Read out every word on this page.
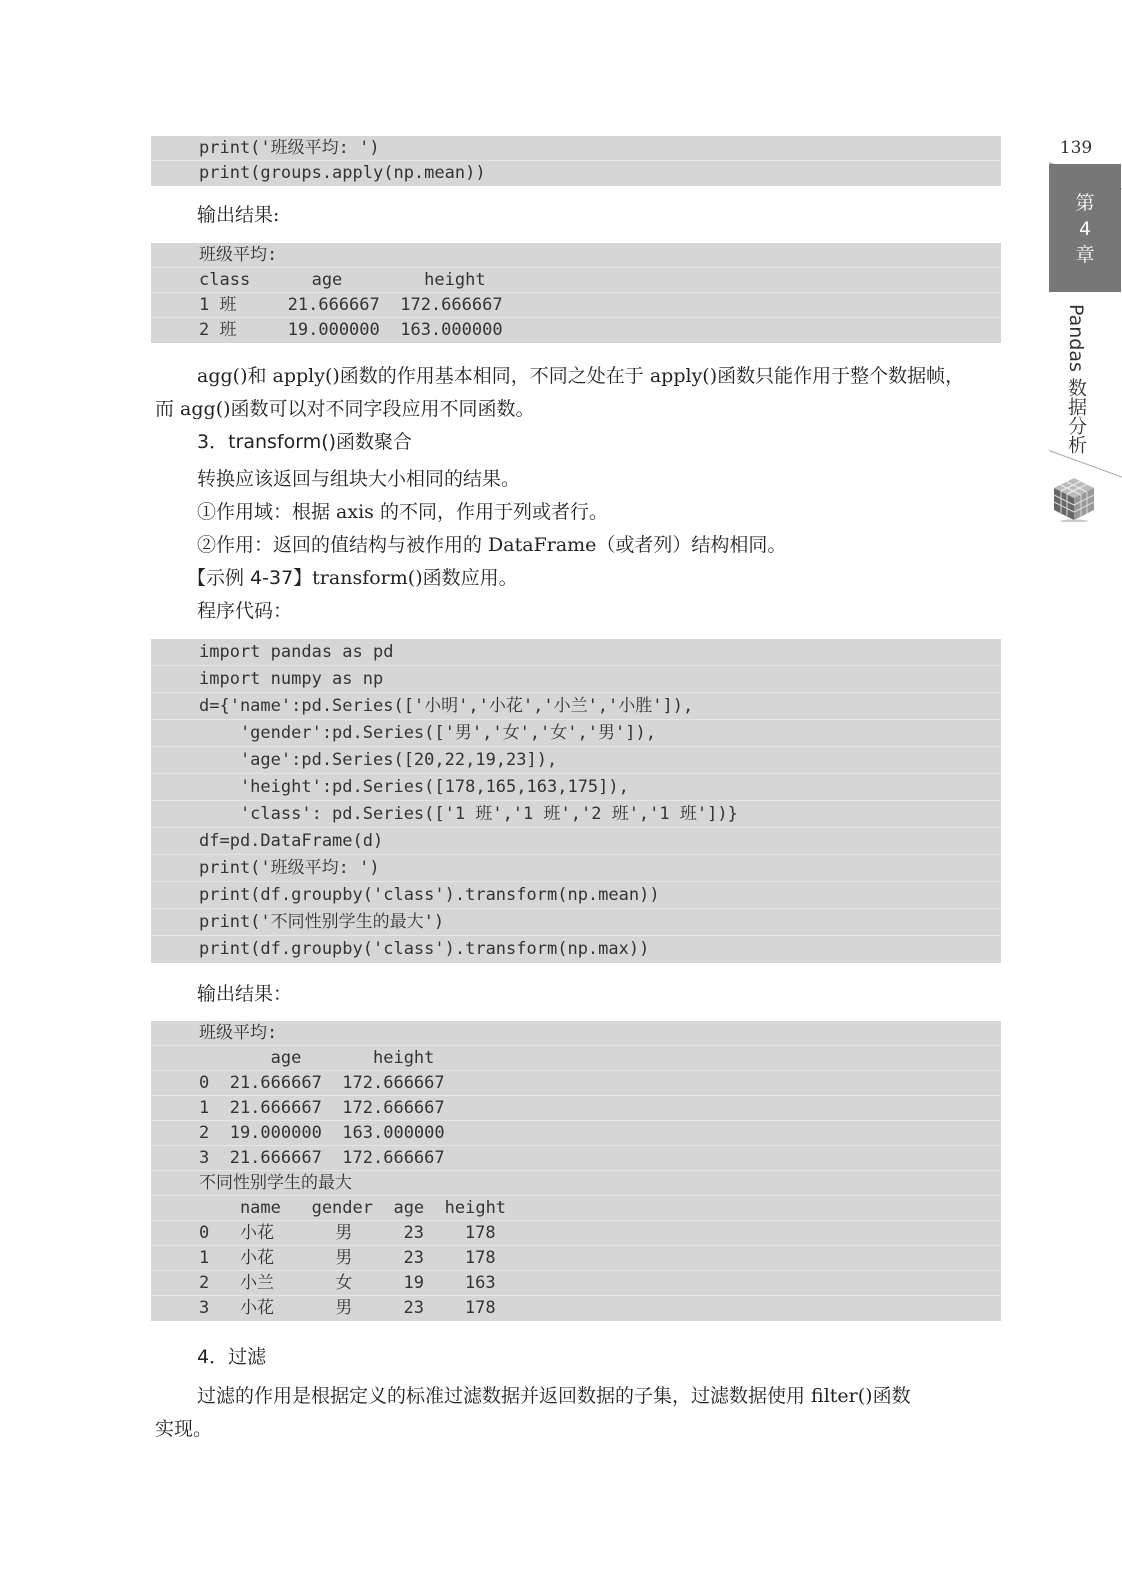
139
第
4
章
Pandas 数据分析
print('班级平均: ')
print(groups.apply(np.mean))
输出结果:
班级平均:
class      age        height
1 班     21.666667  172.666667
2 班     19.000000  163.000000
agg()和 apply()函数的作用基本相同，不同之处在于 apply()函数只能作用于整个数据帧，
而 agg()函数可以对不同字段应用不同函数。
3．transform()函数聚合
转换应该返回与组块大小相同的结果。
①作用域：根据 axis 的不同，作用于列或者行。
②作用：返回的值结构与被作用的 DataFrame（或者列）结构相同。
【示例 4-37】transform()函数应用。
程序代码：
import pandas as pd
import numpy as np
d={'name':pd.Series(['小明','小花','小兰','小胜']),
'gender':pd.Series(['男','女','女','男']),
'age':pd.Series([20,22,19,23]),
'height':pd.Series([178,165,163,175]),
'class': pd.Series(['1 班','1 班','2 班','1 班'])}
df=pd.DataFrame(d)
print('班级平均: ')
print(df.groupby('class').transform(np.mean))
print('不同性别学生的最大')
print(df.groupby('class').transform(np.max))
输出结果：
班级平均:
age       height
0  21.666667  172.666667
1  21.666667  172.666667
2  19.000000  163.000000
3  21.666667  172.666667
不同性别学生的最大
name   gender  age  height
0   小花      男     23    178
1   小花      男     23    178
2   小兰      女     19    163
3   小花      男     23    178
4．过滤
过滤的作用是根据定义的标准过滤数据并返回数据的子集，过滤数据使用 filter()函数
实现。
